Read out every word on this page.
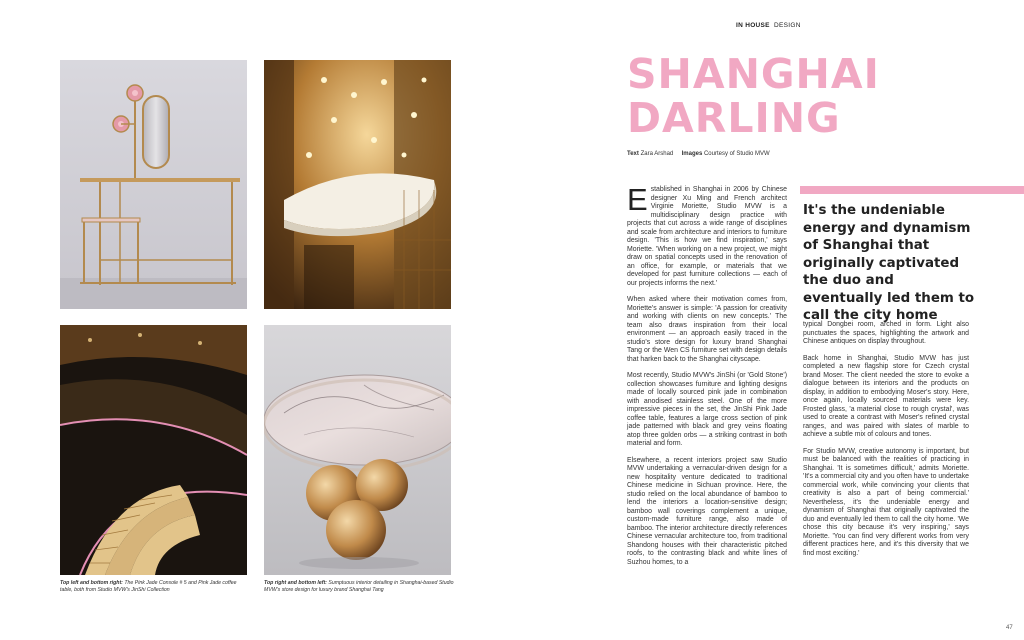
Top left and bottom right: The Pink Jade Console # 5 and Pink Jade coffee table, both from Studio MVW's JinShi Collection
Top right and bottom left: Sumptuous interior detailing in Shanghai-based Studio MVW's store design for luxury brand Shanghai Tang
IN HOUSE DESIGN
SHANGHAI
DARLING
Text Zara Arshad Images Courtesy of Studio MVW

Established in Shanghai in 2006 by Chinese designer Xu Ming and French architect Virginie Moriette, Studio MVW is a multidisciplinary design practice with projects that cut across a wide range of disciplines and scale from architecture and interiors to furniture design. 'This is how we find inspiration,' says Moriette. 'When working on a new project, we might draw on spatial concepts used in the renovation of an office, for example, or materials that we developed for past furniture collections — each of our projects informs the next.'

When asked where their motivation comes from, Moriette's answer is simple: 'A passion for creativity and working with clients on new concepts.' The team also draws inspiration from their local environment — an approach easily traced in the studio's store design for luxury brand Shanghai Tang or the Wen CS furniture set with design details that harken back to the Shanghai cityscape.

Most recently, Studio MVW's JinShi (or 'Gold Stone') collection showcases furniture and lighting designs made of locally sourced pink jade in combination with anodised stainless steel. One of the more impressive pieces in the set, the JinShi Pink Jade coffee table, features a large cross section of pink jade patterned with black and grey veins floating atop three golden orbs — a striking contrast in both material and form.

Elsewhere, a recent interiors project saw Studio MVW undertaking a vernacular-driven design for a new hospitality venture dedicated to traditional Chinese medicine in Sichuan province. Here, the studio relied on the local abundance of bamboo to lend the interiors a location-sensitive design; bamboo wall coverings complement a unique, custom-made furniture range, also made of bamboo. The interior architecture directly references Chinese vernacular architecture too, from traditional Shandong houses with their characteristic pitched roofs, to the contrasting black and white lines of Suzhou homes, to a

It's the undeniable energy and dynamism of Shanghai that originally captivated the duo and eventually led them to call the city home

typical Dongbei room, arched in form. Light also punctuates the spaces, highlighting the artwork and Chinese antiques on display throughout.

Back home in Shanghai, Studio MVW has just completed a new flagship store for Czech crystal brand Moser. The client needed the store to evoke a dialogue between its interiors and the products on display, in addition to embodying Moser's story. Here, once again, locally sourced materials were key. Frosted glass, 'a material close to rough crystal', was used to create a contrast with Moser's refined crystal ranges, and was paired with slates of marble to achieve a subtle mix of colours and tones.

For Studio MVW, creative autonomy is important, but must be balanced with the realities of practicing in Shanghai. 'It is sometimes difficult,' admits Moriette. 'It's a commercial city and you often have to undertake commercial work, while convincing your clients that creativity is also a part of being commercial.' Nevertheless, it's the undeniable energy and dynamism of Shanghai that originally captivated the duo and eventually led them to call the city home. 'We chose this city because it's very inspiring,' says Moriette. 'You can find very different works from very different practices here, and it's this diversity that we find most exciting.'

47
